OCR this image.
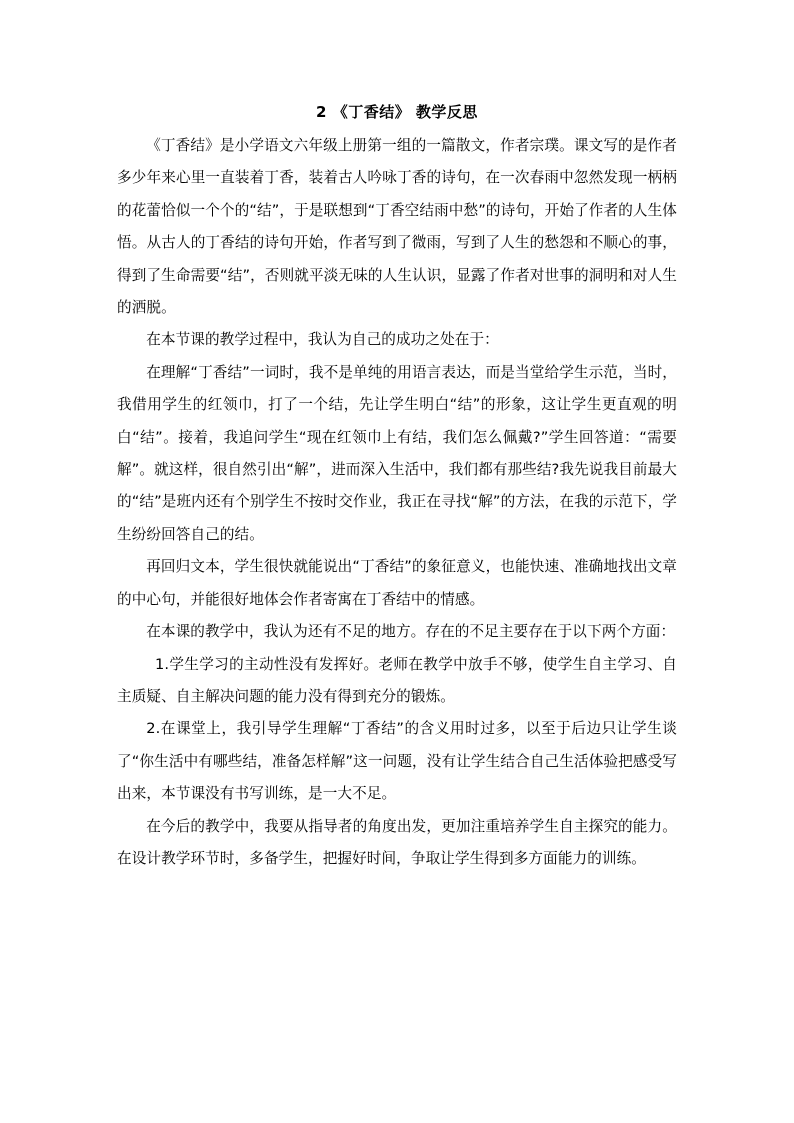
2 《丁香结》 教学反思

《丁香结》是小学语文六年级上册第一组的一篇散文，作者宗璞。课文写的是作者多少年来心里一直装着丁香，装着古人吟咏丁香的诗句，在一次春雨中忽然发现一柄柄的花蕾恰似一个个的“结”，于是联想到“丁香空结雨中愁”的诗句，开始了作者的人生体悟。从古人的丁香结的诗句开始，作者写到了微雨，写到了人生的愁怨和不顺心的事，得到了生命需要“结”，否则就平淡无味的人生认识，显露了作者对世事的洞明和对人生的洒脱。

在本节课的教学过程中，我认为自己的成功之处在于：

在理解“丁香结”一词时，我不是单纯的用语言表达，而是当堂给学生示范，当时，我借用学生的红领巾，打了一个结，先让学生明白“结”的形象，这让学生更直观的明白“结”。接着，我追问学生“现在红领巾上有结，我们怎么佩戴?”学生回答道：“需要解”。就这样，很自然引出“解”，进而深入生活中，我们都有那些结?我先说我目前最大的“结”是班内还有个别学生不按时交作业，我正在寻找“解”的方法，在我的示范下，学生纷纷回答自己的结。

再回归文本，学生很快就能说出“丁香结”的象征意义，也能快速、准确地找出文章的中心句，并能很好地体会作者寄寓在丁香结中的情感。

在本课的教学中，我认为还有不足的地方。存在的不足主要存在于以下两个方面：

1.学生学习的主动性没有发挥好。老师在教学中放手不够，使学生自主学习、自主质疑、自主解决问题的能力没有得到充分的锻炼。

2.在课堂上，我引导学生理解“丁香结”的含义用时过多，以至于后边只让学生谈了“你生活中有哪些结，准备怎样解”这一问题，没有让学生结合自己生活体验把感受写出来，本节课没有书写训练，是一大不足。

在今后的教学中，我要从指导者的角度出发，更加注重培养学生自主探究的能力。在设计教学环节时，多备学生，把握好时间，争取让学生得到多方面能力的训练。
